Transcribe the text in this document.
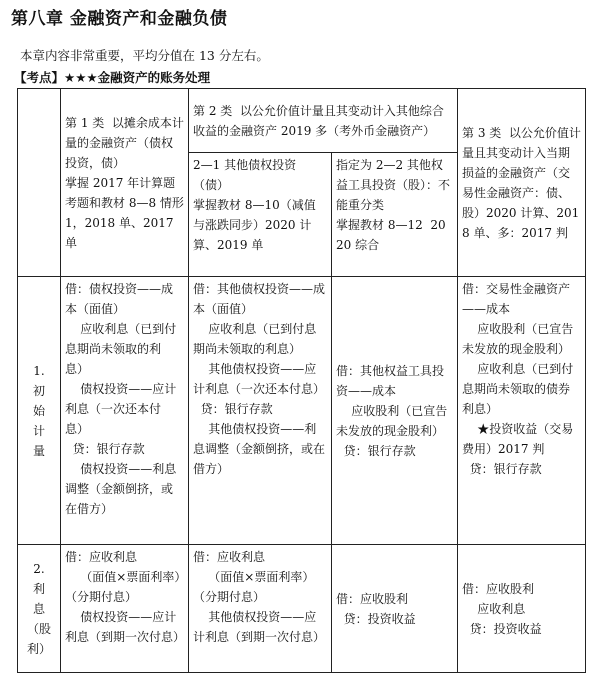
第八章 金融资产和金融负债
本章内容非常重要，平均分值在 13 分左右。
【考点】★★★金融资产的账务处理
	第 1 类  以摊余成本计量的金融资产（债权投资，债）
掌握 2017 年计算题考题和教材 8—8 情形 1，2018 单、2017 单	第 2 类  以公允价值计量且其变动计入其他综合收益的金融资产 2019 多（考外币金融资产）		第 3 类  以公允价值计量且其变动计入当期损益的金融资产（交易性金融资产：债、股）2020 计算、2018 单、多：2017 判
		2—1 其他债权投资（债）
掌握教材 8—10（减值与涨跌同步）2020 计算、2019 单	指定为 2—2 其他权益工具投资（股）：不能重分类
掌握教材 8—12  2020 综合	
1.
初
始
计
量	借：债权投资——成本（面值）
应收利息（已到付息期尚未领取的利息）
债权投资——应计利息（一次还本付息）
贷：银行存款
债权投资——利息调整（金额倒挤，或在借方）	借：其他债权投资——成本（面值）
应收利息（已到付息期尚未领取的利息）
其他债权投资——应计利息（一次还本付息）
贷：银行存款
其他债权投资——利息调整（金额倒挤，或在借方）	借：其他权益工具投资——成本
应收股利（已宣告未发放的现金股利）
贷：银行存款	借：交易性金融资产——成本
应收股利（已宣告未发放的现金股利）
应收利息（已到付息期尚未领取的债券利息）
★投资收益（交易费用）2017 判
贷：银行存款
2.
利
息
（股
利）	借：应收利息
（面值×票面利率）（分期付息）
债权投资——应计利息（到期一次付息）	借：应收利息
（面值×票面利率）（分期付息）
其他债权投资——应计利息（到期一次付息）	借：应收股利
贷：投资收益	借：应收股利
应收利息
贷：投资收益
